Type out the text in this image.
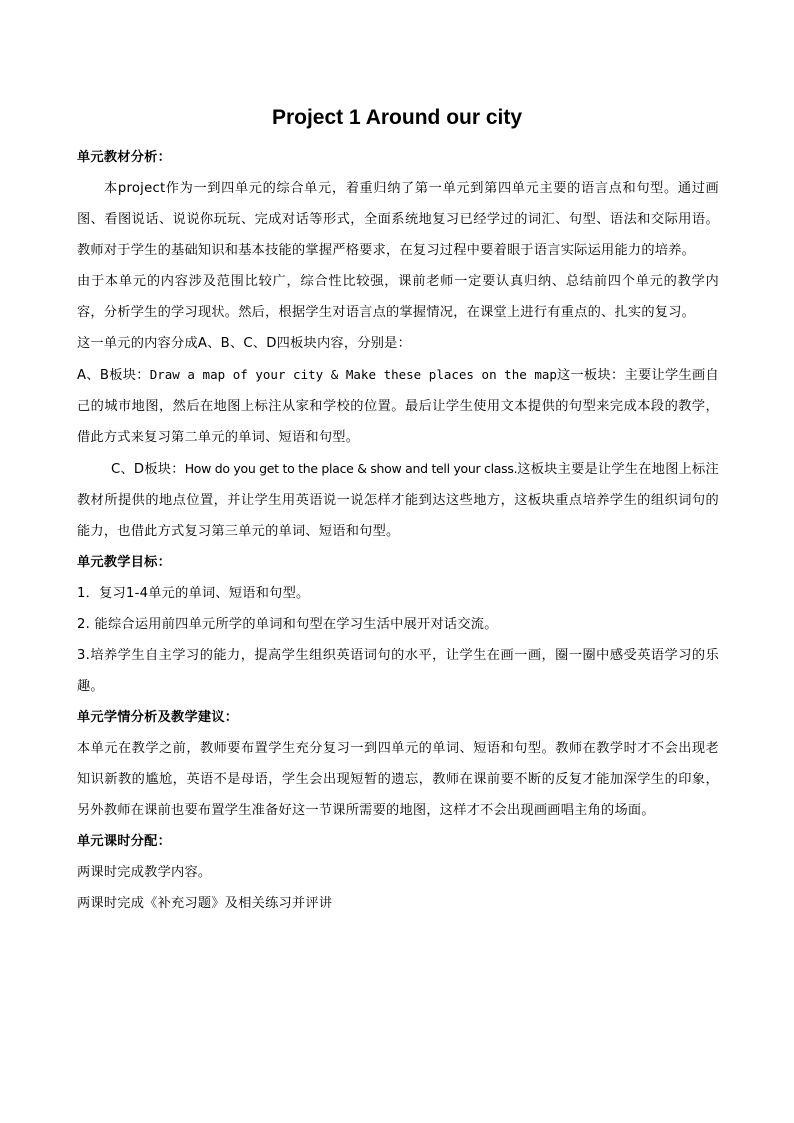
Project 1 Around our city

单元教材分析：

本project作为一到四单元的综合单元，着重归纳了第一单元到第四单元主要的语言点和句型。通过画图、看图说话、说说你玩玩、完成对话等形式，全面系统地复习已经学过的词汇、句型、语法和交际用语。教师对于学生的基础知识和基本技能的掌握严格要求，在复习过程中要着眼于语言实际运用能力的培养。

由于本单元的内容涉及范围比较广，综合性比较强，课前老师一定要认真归纳、总结前四个单元的教学内容，分析学生的学习现状。然后，根据学生对语言点的掌握情况，在课堂上进行有重点的、扎实的复习。

这一单元的内容分成A、B、C、D四板块内容，分别是：

A、B板块：Draw a map of your city & Make these places on the map这一板块：主要让学生画自己的城市地图，然后在地图上标注从家和学校的位置。最后让学生使用文本提供的句型来完成本段的教学，借此方式来复习第二单元的单词、短语和句型。

C、D板块：How do you get to the place & show and tell your class.这板块主要是让学生在地图上标注教材所提供的地点位置，并让学生用英语说一说怎样才能到达这些地方，这板块重点培养学生的组织词句的能力，也借此方式复习第三单元的单词、短语和句型。

单元教学目标：

1．复习1-4单元的单词、短语和句型。

2. 能综合运用前四单元所学的单词和句型在学习生活中展开对话交流。

3.培养学生自主学习的能力，提高学生组织英语词句的水平，让学生在画一画，圈一圈中感受英语学习的乐趣。

单元学情分析及教学建议：

本单元在教学之前，教师要布置学生充分复习一到四单元的单词、短语和句型。教师在教学时才不会出现老知识新教的尴尬，英语不是母语，学生会出现短暂的遗忘，教师在课前要不断的反复才能加深学生的印象，另外教师在课前也要布置学生准备好这一节课所需要的地图，这样才不会出现画画唱主角的场面。

单元课时分配：

两课时完成教学内容。

两课时完成《补充习题》及相关练习并评讲
